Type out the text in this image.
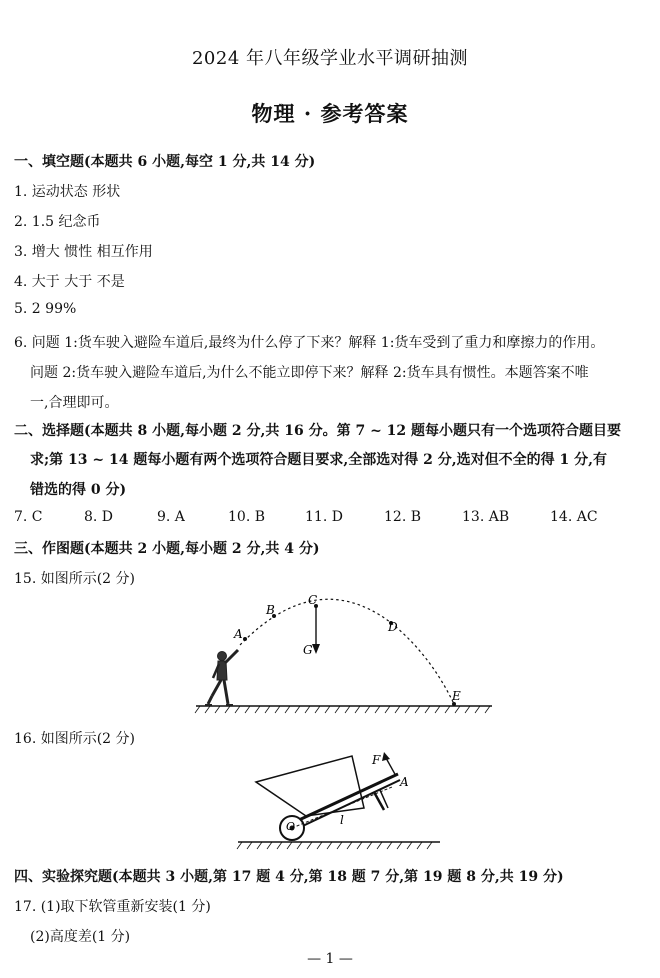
2024 年八年级学业水平调研抽测
物理 · 参考答案
一、填空题(本题共 6 小题,每空 1 分,共 14 分)
1. 运动状态 形状
2. 1.5 纪念币
3. 增大 惯性 相互作用
4. 大于 大于 不是
5. 2 99%
6. 问题 1:货车驶入避险车道后,最终为什么停了下来？解释 1:货车受到了重力和摩擦力的作用。
问题 2:货车驶入避险车道后,为什么不能立即停下来？解释 2:货车具有惯性。本题答案不唯
一,合理即可。
二、选择题(本题共 8 小题,每小题 2 分,共 16 分。第 7 ~ 12 题每小题只有一个选项符合题目要
求;第 13 ~ 14 题每小题有两个选项符合题目要求,全部选对得 2 分,选对但不全的得 1 分,有
错选的得 0 分)
7. C	8. D	9. A	10. B	11. D	12. B	13. AB	14. AC
三、作图题(本题共 2 小题,每小题 2 分,共 4 分)
15. 如图所示(2 分)
A
B
C
D
E
G
16. 如图所示(2 分)
F
A
O	l
四、实验探究题(本题共 3 小题,第 17 题 4 分,第 18 题 7 分,第 19 题 8 分,共 19 分)
17. (1)取下软管重新安装(1 分)
(2)高度差(1 分)
— 1 —
